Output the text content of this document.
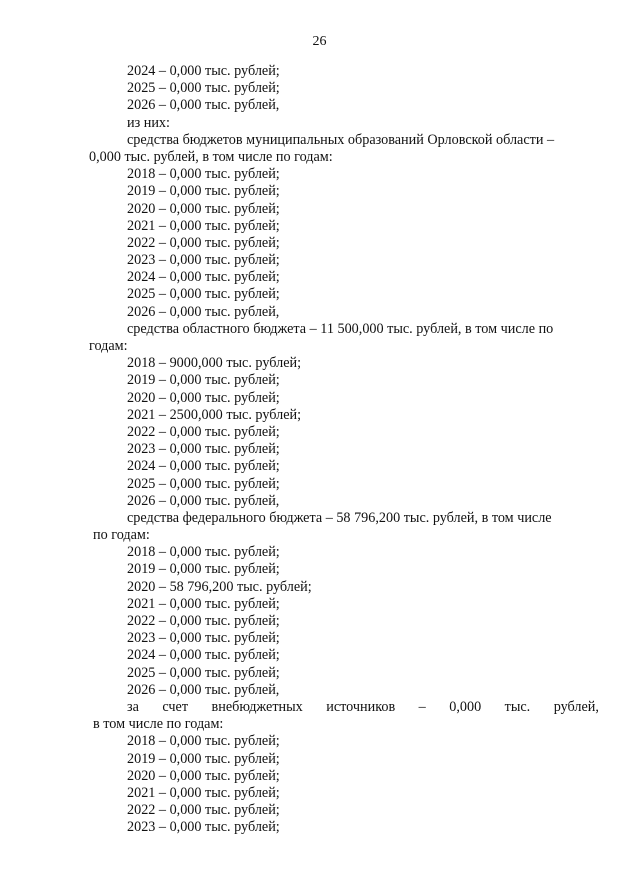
26
2024 – 0,000 тыс. рублей;
2025 – 0,000 тыс. рублей;
2026 – 0,000 тыс. рублей,
из них:
средства бюджетов муниципальных образований Орловской области –
0,000 тыс. рублей, в том числе по годам:
2018 – 0,000 тыс. рублей;
2019 – 0,000 тыс. рублей;
2020 – 0,000 тыс. рублей;
2021 – 0,000 тыс. рублей;
2022 – 0,000 тыс. рублей;
2023 – 0,000 тыс. рублей;
2024 – 0,000 тыс. рублей;
2025 – 0,000 тыс. рублей;
2026 – 0,000 тыс. рублей,
средства областного бюджета – 11 500,000 тыс. рублей, в том числе по
годам:
2018 – 9000,000 тыс. рублей;
2019 – 0,000 тыс. рублей;
2020 – 0,000 тыс. рублей;
2021 – 2500,000 тыс. рублей;
2022 – 0,000 тыс. рублей;
2023 – 0,000 тыс. рублей;
2024 – 0,000 тыс. рублей;
2025 – 0,000 тыс. рублей;
2026 – 0,000 тыс. рублей,
средства федерального бюджета – 58 796,200 тыс. рублей, в том числе
по годам:
2018 – 0,000 тыс. рублей;
2019 – 0,000 тыс. рублей;
2020 – 58 796,200 тыс. рублей;
2021 – 0,000 тыс. рублей;
2022 – 0,000 тыс. рублей;
2023 – 0,000 тыс. рублей;
2024 – 0,000 тыс. рублей;
2025 – 0,000 тыс. рублей;
2026 – 0,000 тыс. рублей,
за счет внебюджетных источников – 0,000 тыс. рублей,
в том числе по годам:
2018 – 0,000 тыс. рублей;
2019 – 0,000 тыс. рублей;
2020 – 0,000 тыс. рублей;
2021 – 0,000 тыс. рублей;
2022 – 0,000 тыс. рублей;
2023 – 0,000 тыс. рублей;
